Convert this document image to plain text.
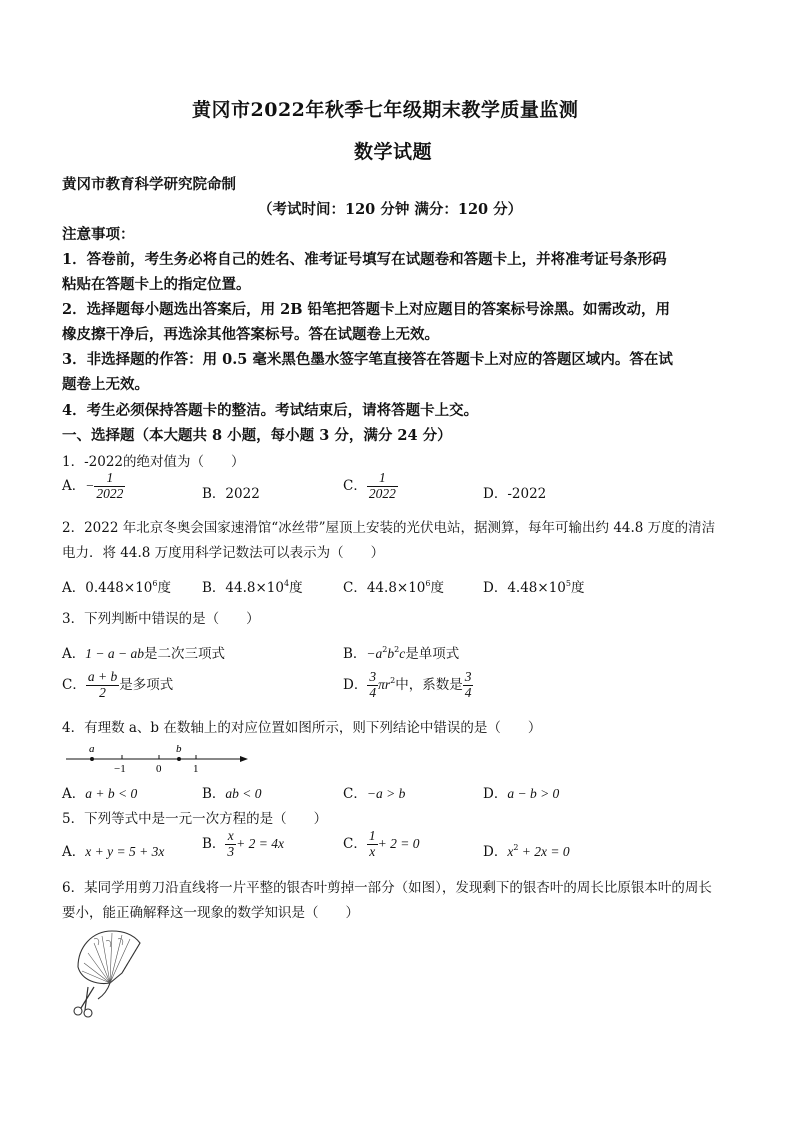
黄冈市2022年秋季七年级期末教学质量监测
数学试题
黄冈市教育科学研究院命制
（考试时间：120 分钟 满分：120 分）
注意事项：
1．答卷前，考生务必将自己的姓名、准考证号填写在试题卷和答题卡上，并将准考证号条形码
粘贴在答题卡上的指定位置。
2．选择题每小题选出答案后，用 2B 铅笔把答题卡上对应题目的答案标号涂黑。如需改动，用
橡皮擦干净后，再选涂其他答案标号。答在试题卷上无效。
3．非选择题的作答：用 0.5 毫米黑色墨水签字笔直接答在答题卡上对应的答题区域内。答在试
题卷上无效。
4．考生必须保持答题卡的整洁。考试结束后，请将答题卡上交。
一、选择题（本大题共 8 小题，每小题 3 分，满分 24 分）
1．-2022的绝对值为（　　）
A．− $\frac{1}{2022}$	B．2022
C． $\frac{1}{2022}$	D．-2022
2．2022 年北京冬奥会国家速滑馆“冰丝带”屋顶上安装的光伏电站，据测算，每年可输出约 44.8 万度的清洁
电力．将 44.8 万度用科学记数法可以表示为（　　）
A．$0.448\times 10^6$度 B．$44.8\times 10^4$度	C．$44.8\times 10^6$度	D．$4.48\times 10^5$度
3．下列判断中错误的是（　　）
A．1 − a − ab是二次三项式	B．$-a^2b^2c$是单项式
C． $\frac{a + b}{2}$ 是多项式	D． $\frac{3}{4} \pi r^2$中，系数是 $\frac{3}{4}$
4．有理数 a、b 在数轴上的对应位置如图所示，则下列结论中错误的是（　　）
a	b
−1	0	1
A．a + b < 0	B．ab < 0	C．−a > b	D．a − b > 0
5．下列等式中是一元一次方程的是（　　）
A．x + y = 5 + 3x	B． $\frac{x}{3} + 2 = 4x$	C． $\frac{1}{x} + 2 = 0$
D．$x^2 + 2x = 0$
6．某同学用剪刀沿直线将一片平整的银杏叶剪掉一部分（如图），发现剩下的银杏叶的周长比原银本叶的周长
要小，能正确解释这一现象的数学知识是（　　）
